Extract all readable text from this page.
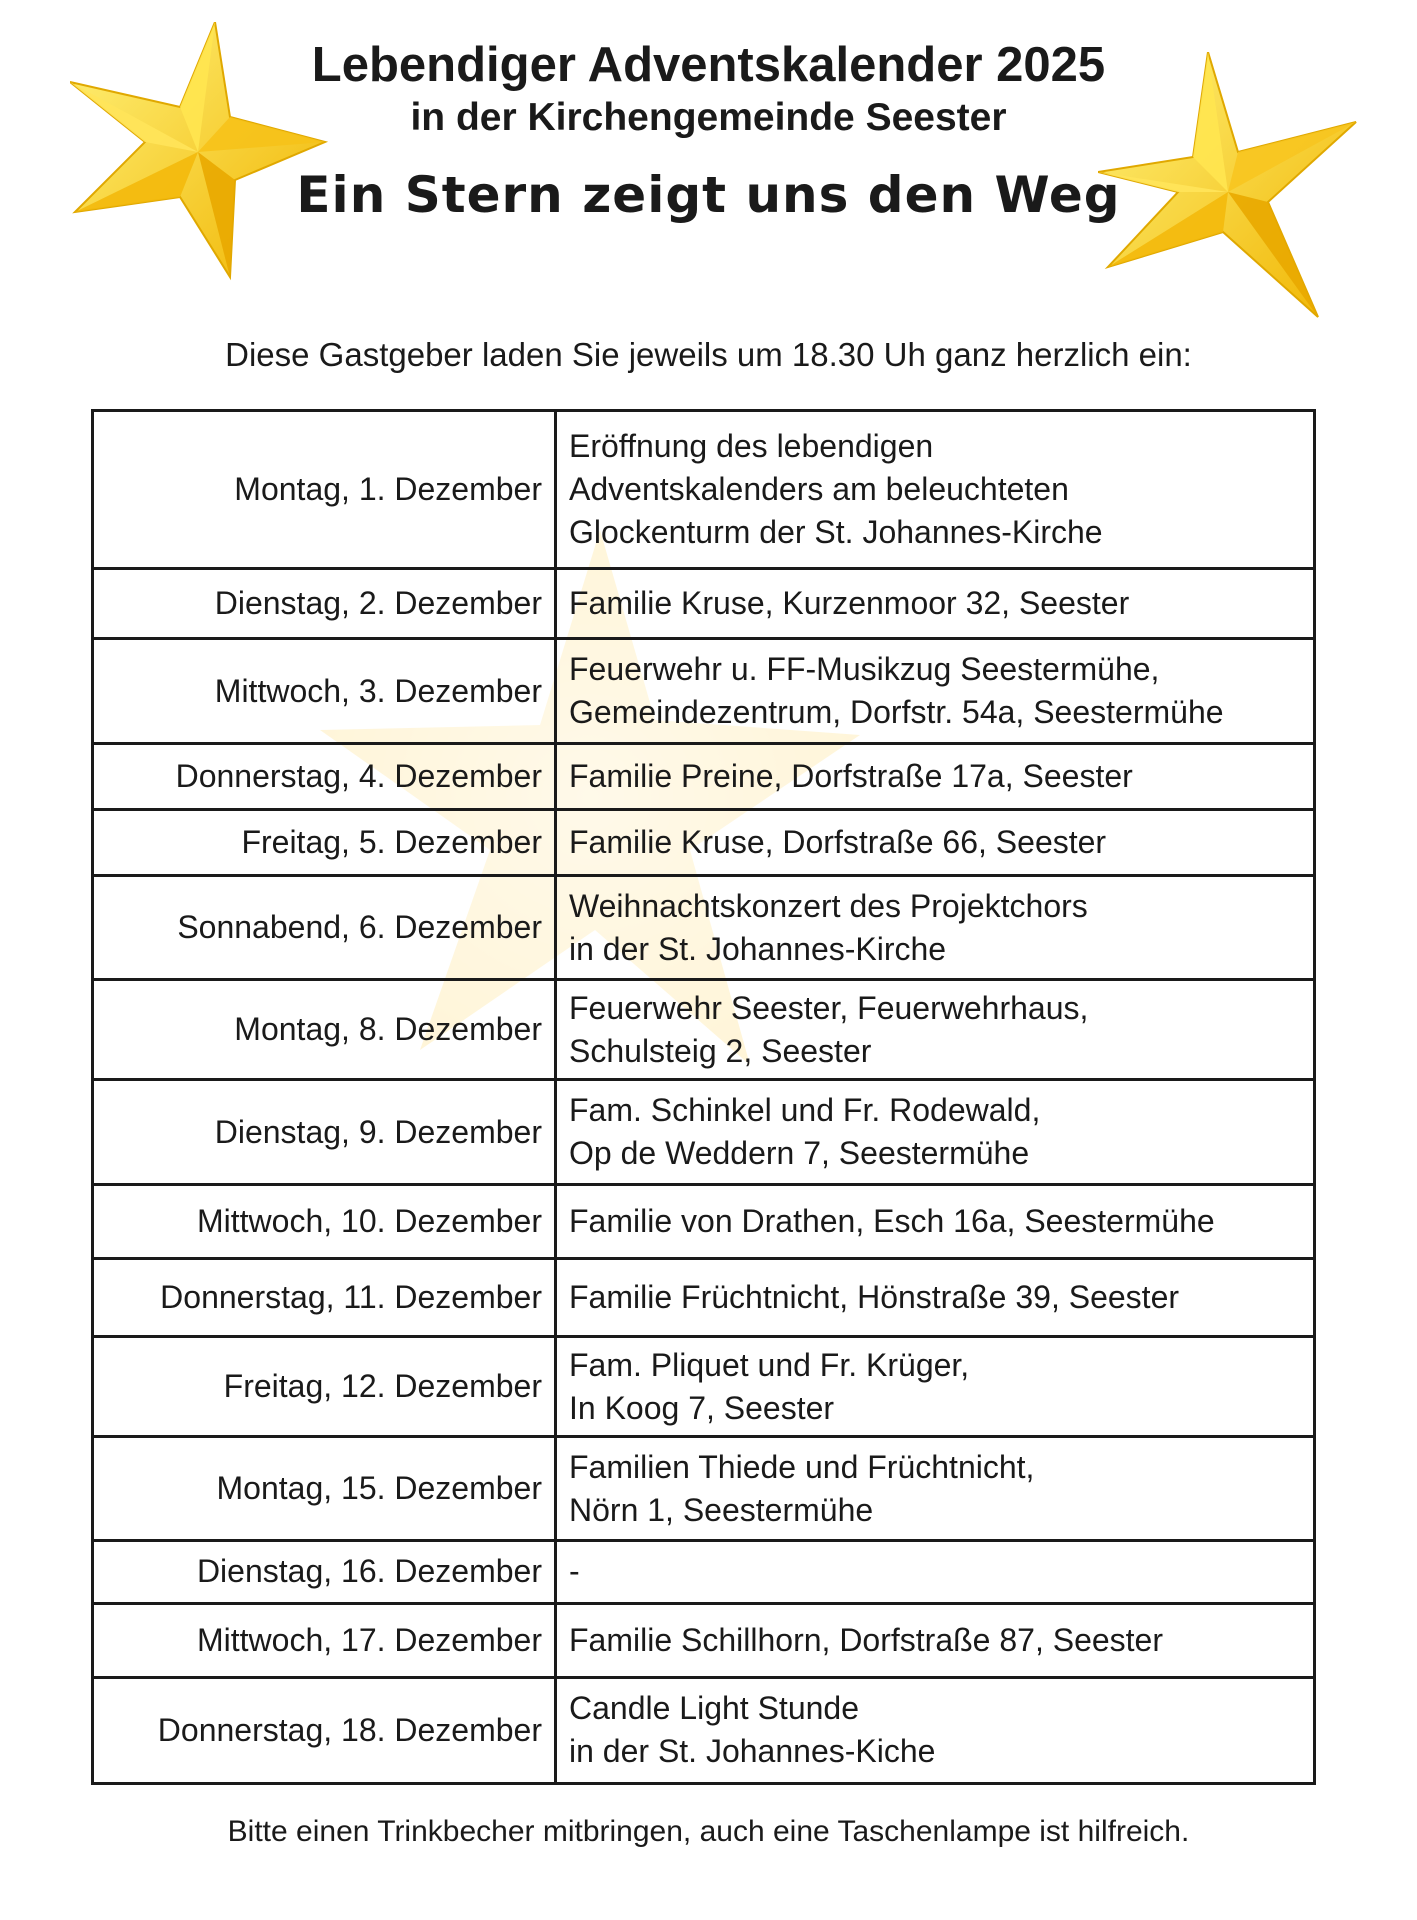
Lebendiger Adventskalender 2025
in der Kirchengemeinde Seester
Ein Stern zeigt uns den Weg
Diese Gastgeber laden Sie jeweils um 18.30 Uh ganz herzlich ein:
Montag, 1. Dezember	Eröffnung des lebendigen
Adventskalenders am beleuchteten
Glockenturm der St. Johannes-Kirche
Dienstag, 2. Dezember	Familie Kruse, Kurzenmoor 32, Seester
Mittwoch, 3. Dezember	Feuerwehr u. FF-Musikzug Seestermühe,
Gemeindezentrum, Dorfstr. 54a, Seestermühe
Donnerstag, 4. Dezember	Familie Preine, Dorfstraße 17a, Seester
Freitag, 5. Dezember	Familie Kruse, Dorfstraße 66, Seester
Sonnabend, 6. Dezember	Weihnachtskonzert des Projektchors
in der St. Johannes-Kirche
Montag, 8. Dezember	Feuerwehr Seester, Feuerwehrhaus,
Schulsteig 2, Seester
Dienstag, 9. Dezember	Fam. Schinkel und Fr. Rodewald,
Op de Weddern 7, Seestermühe
Mittwoch, 10. Dezember	Familie von Drathen, Esch 16a, Seestermühe
Donnerstag, 11. Dezember	Familie Früchtnicht, Hönstraße 39, Seester
Freitag, 12. Dezember	Fam. Pliquet und Fr. Krüger,
In Koog 7, Seester
Montag, 15. Dezember	Familien Thiede und Früchtnicht,
Nörn 1, Seestermühe
Dienstag, 16. Dezember	-
Mittwoch, 17. Dezember	Familie Schillhorn, Dorfstraße 87, Seester
Donnerstag, 18. Dezember	Candle Light Stunde
in der St. Johannes-Kiche
Bitte einen Trinkbecher mitbringen, auch eine Taschenlampe ist hilfreich.
